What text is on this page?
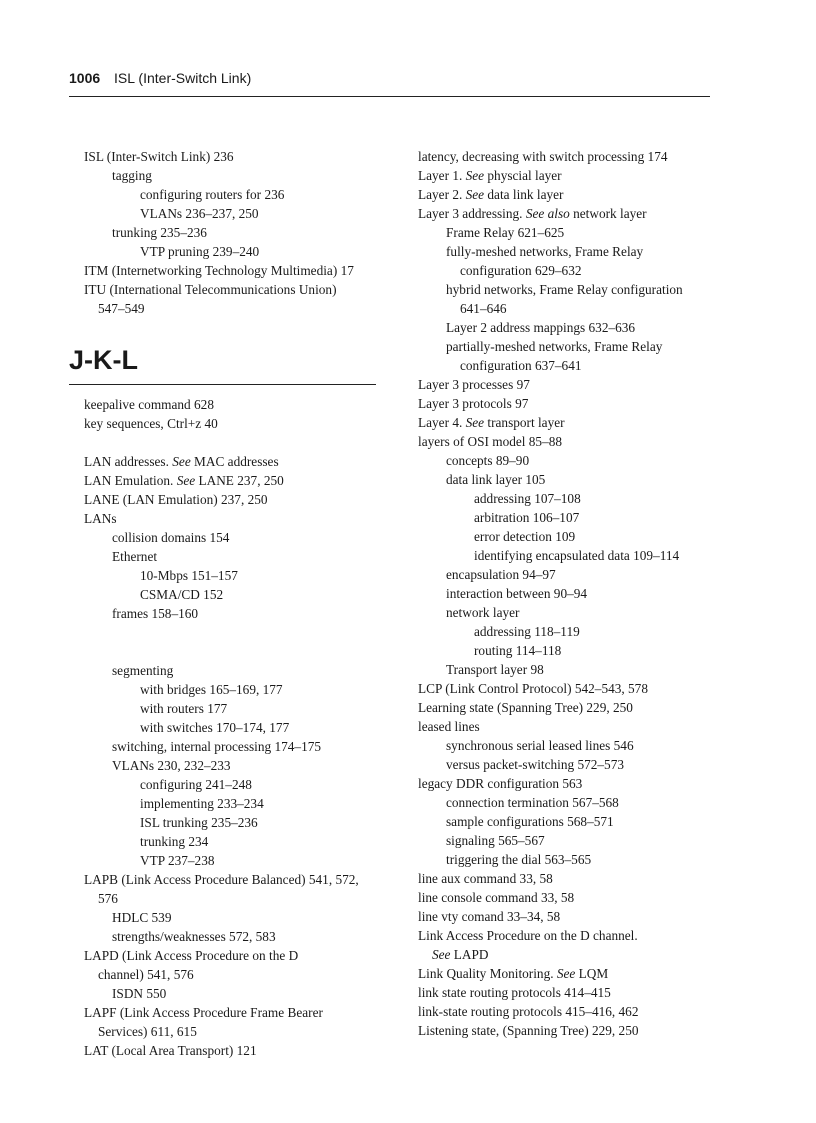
1006 ISL (Inter-Switch Link)
ISL (Inter-Switch Link) 236
tagging
configuring routers for 236
VLANs 236–237, 250
trunking 235–236
VTP pruning 239–240
ITM (Internetworking Technology Multimedia) 17
ITU (International Telecommunications Union)
547–549
J-K-L
keepalive command 628
key sequences, Ctrl+z 40
LAN addresses. See MAC addresses
LAN Emulation. See LANE 237, 250
LANE (LAN Emulation) 237, 250
LANs
collision domains 154
Ethernet
10-Mbps 151–157
CSMA/CD 152
frames 158–160
segmenting
with bridges 165–169, 177
with routers 177
with switches 170–174, 177
switching, internal processing 174–175
VLANs 230, 232–233
configuring 241–248
implementing 233–234
ISL trunking 235–236
trunking 234
VTP 237–238
LAPB (Link Access Procedure Balanced) 541, 572,
576
HDLC 539
strengths/weaknesses 572, 583
LAPD (Link Access Procedure on the D
channel) 541, 576
ISDN 550
LAPF (Link Access Procedure Frame Bearer
Services) 611, 615
LAT (Local Area Transport) 121
latency, decreasing with switch processing 174
Layer 1. See physcial layer
Layer 2. See data link layer
Layer 3 addressing. See also network layer
Frame Relay 621–625
fully-meshed networks, Frame Relay
configuration 629–632
hybrid networks, Frame Relay configuration
641–646
Layer 2 address mappings 632–636
partially-meshed networks, Frame Relay
configuration 637–641
Layer 3 processes 97
Layer 3 protocols 97
Layer 4. See transport layer
layers of OSI model 85–88
concepts 89–90
data link layer 105
addressing 107–108
arbitration 106–107
error detection 109
identifying encapsulated data 109–114
encapsulation 94–97
interaction between 90–94
network layer
addressing 118–119
routing 114–118
Transport layer 98
LCP (Link Control Protocol) 542–543, 578
Learning state (Spanning Tree) 229, 250
leased lines
synchronous serial leased lines 546
versus packet-switching 572–573
legacy DDR configuration 563
connection termination 567–568
sample configurations 568–571
signaling 565–567
triggering the dial 563–565
line aux command 33, 58
line console command 33, 58
line vty comand 33–34, 58
Link Access Procedure on the D channel.
See LAPD
Link Quality Monitoring. See LQM
link state routing protocols 414–415
link-state routing protocols 415–416, 462
Listening state, (Spanning Tree) 229, 250
